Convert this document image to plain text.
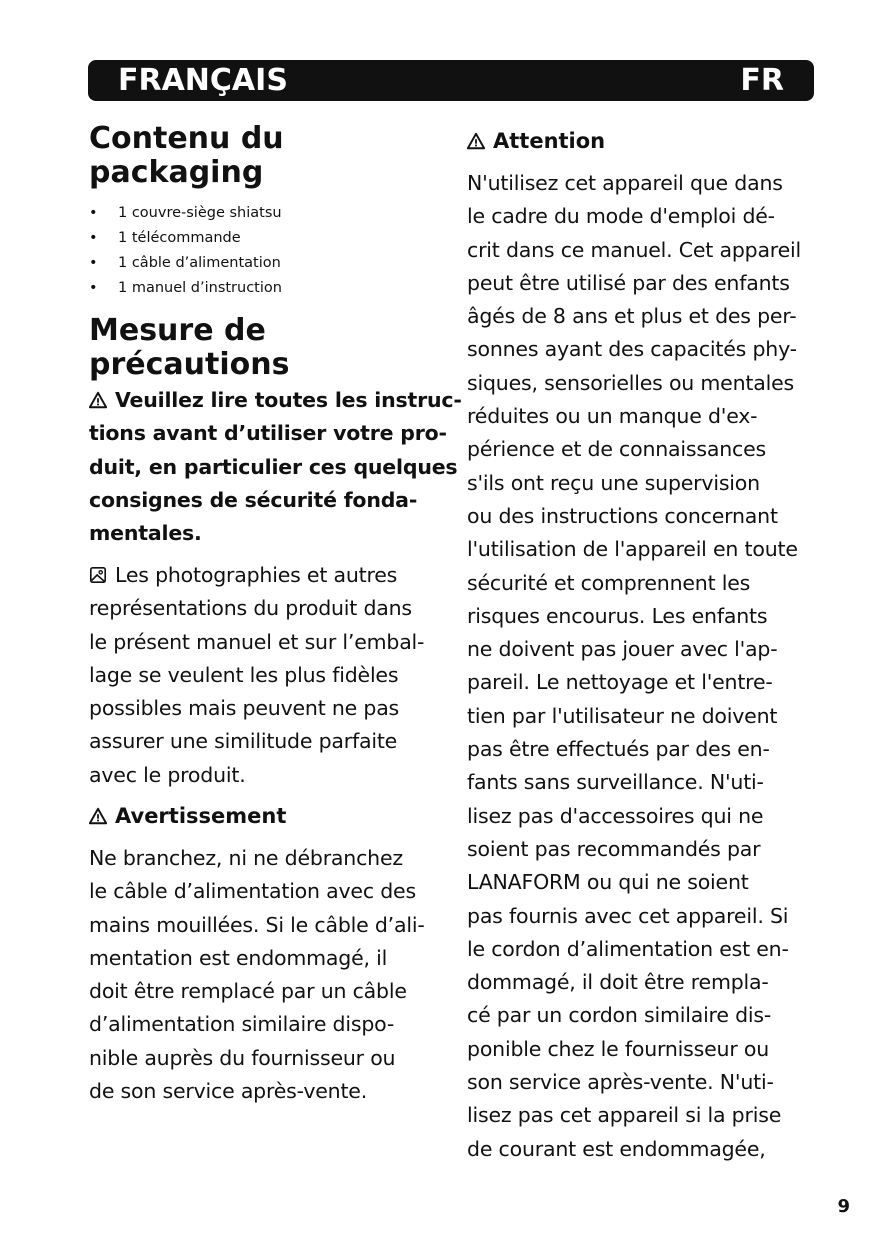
FRANÇAIS	FR
Contenu du
packaging
• 1 couvre-siège shiatsu
• 1 télécommande
• 1 câble d’alimentation
• 1 manuel d’instruction
Mesure de
précautions
Veuillez lire toutes les instruc-
tions avant d’utiliser votre pro-
duit, en particulier ces quelques
consignes de sécurité fonda-
mentales.
Les photographies et autres
représentations du produit dans
le présent manuel et sur l’embal-
lage se veulent les plus fidèles
possibles mais peuvent ne pas
assurer une similitude parfaite
avec le produit.
Avertissement
Ne branchez, ni ne débranchez
le câble d’alimentation avec des
mains mouillées. Si le câble d’ali-
mentation est endommagé, il
doit être remplacé par un câble
d’alimentation similaire dispo-
nible auprès du fournisseur ou
de son service après-vente.
Attention
N'utilisez cet appareil que dans
le cadre du mode d'emploi dé-
crit dans ce manuel. Cet appareil
peut être utilisé par des enfants
âgés de 8 ans et plus et des per-
sonnes ayant des capacités phy-
siques, sensorielles ou mentales
réduites ou un manque d'ex-
périence et de connaissances
s'ils ont reçu une supervision
ou des instructions concernant
l'utilisation de l'appareil en toute
sécurité et comprennent les
risques encourus. Les enfants
ne doivent pas jouer avec l'ap-
pareil. Le nettoyage et l'entre-
tien par l'utilisateur ne doivent
pas être effectués par des en-
fants sans surveillance. N'uti-
lisez pas d'accessoires qui ne
soient pas recommandés par
LANAFORM ou qui ne soient
pas fournis avec cet appareil. Si
le cordon d’alimentation est en-
dommagé, il doit être rempla-
cé par un cordon similaire dis-
ponible chez le fournisseur ou
son service après-vente. N'uti-
lisez pas cet appareil si la prise
de courant est endommagée,
9
